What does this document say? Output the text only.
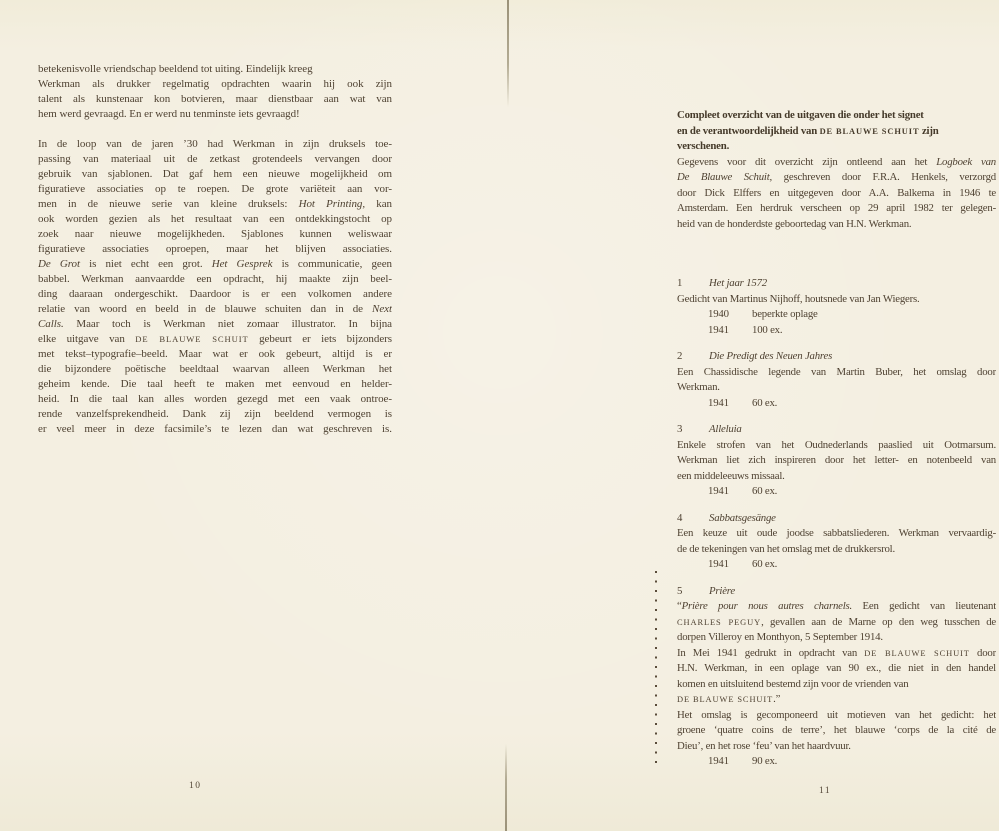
betekenisvolle vriendschap beeldend tot uiting. Eindelijk kreeg
Werkman als drukker regelmatig opdrachten waarin hij ook zijn
talent als kunstenaar kon botvieren, maar dienstbaar aan wat van
hem werd gevraagd. En er werd nu tenminste iets gevraagd!
In de loop van de jaren ’30 had Werkman in zijn druksels toe-
passing van materiaal uit de zetkast grotendeels vervangen door
gebruik van sjablonen. Dat gaf hem een nieuwe mogelijkheid om
figuratieve associaties op te roepen. De grote variëteit aan vor-
men in de nieuwe serie van kleine druksels: Hot Printing, kan
ook worden gezien als het resultaat van een ontdekkingstocht op
zoek naar nieuwe mogelijkheden. Sjablones kunnen weliswaar
figuratieve associaties oproepen, maar het blijven associaties.
De Grot is niet echt een grot. Het Gesprek is communicatie, geen
babbel. Werkman aanvaardde een opdracht, hij maakte zijn beel-
ding daaraan ondergeschikt. Daardoor is er een volkomen andere
relatie van woord en beeld in de blauwe schuiten dan in de Next
Calls. Maar toch is Werkman niet zomaar illustrator. In bijna
elke uitgave van DE BLAUWE SCHUIT gebeurt er iets bijzonders
met tekst–typografie–beeld. Maar wat er ook gebeurt, altijd is er
die bijzondere poëtische beeldtaal waarvan alleen Werkman het
geheim kende. Die taal heeft te maken met eenvoud en helder-
heid. In die taal kan alles worden gezegd met een vaak ontroe-
rende vanzelfsprekendheid. Dank zij zijn beeldend vermogen is
er veel meer in deze facsimile’s te lezen dan wat geschreven is.
10
Compleet overzicht van de uitgaven die onder het signet
en de verantwoordelijkheid van DE BLAUWE SCHUIT zijn
verschenen.
Gegevens voor dit overzicht zijn ontleend aan het Logboek van
De Blauwe Schuit, geschreven door F.R.A. Henkels, verzorgd
door Dick Elffers en uitgegeven door A.A. Balkema in 1946 te
Amsterdam. Een herdruk verscheen op 29 april 1982 ter gelegen-
heid van de honderdste geboortedag van H.N. Werkman.
1 Het jaar 1572
Gedicht van Martinus Nijhoff, houtsnede van Jan Wiegers.
1940 beperkte oplage
1941 100 ex.
2 Die Predigt des Neuen Jahres
Een Chassidische legende van Martin Buber, het omslag door
Werkman.
1941 60 ex.
3 Alleluia
Enkele strofen van het Oudnederlands paaslied uit Ootmarsum.
Werkman liet zich inspireren door het letter- en notenbeeld van
een middeleeuws missaal.
1941 60 ex.
4 Sabbatsgesänge
Een keuze uit oude joodse sabbatsliederen. Werkman vervaardig-
de de tekeningen van het omslag met de drukkersrol.
1941 60 ex.
5 Prière
“Prière pour nous autres charnels. Een gedicht van lieutenant
CHARLES PEGUY, gevallen aan de Marne op den weg tusschen de
dorpen Villeroy en Monthyon, 5 September 1914.
In Mei 1941 gedrukt in opdracht van DE BLAUWE SCHUIT door
H.N. Werkman, in een oplage van 90 ex., die niet in den handel
komen en uitsluitend bestemd zijn voor de vrienden van
DE BLAUWE SCHUIT.”
Het omslag is gecomponeerd uit motieven van het gedicht: het
groene ‘quatre coins de terre’, het blauwe ‘corps de la cité de
Dieu’, en het rose ‘feu’ van het haardvuur.
1941 90 ex.
11
